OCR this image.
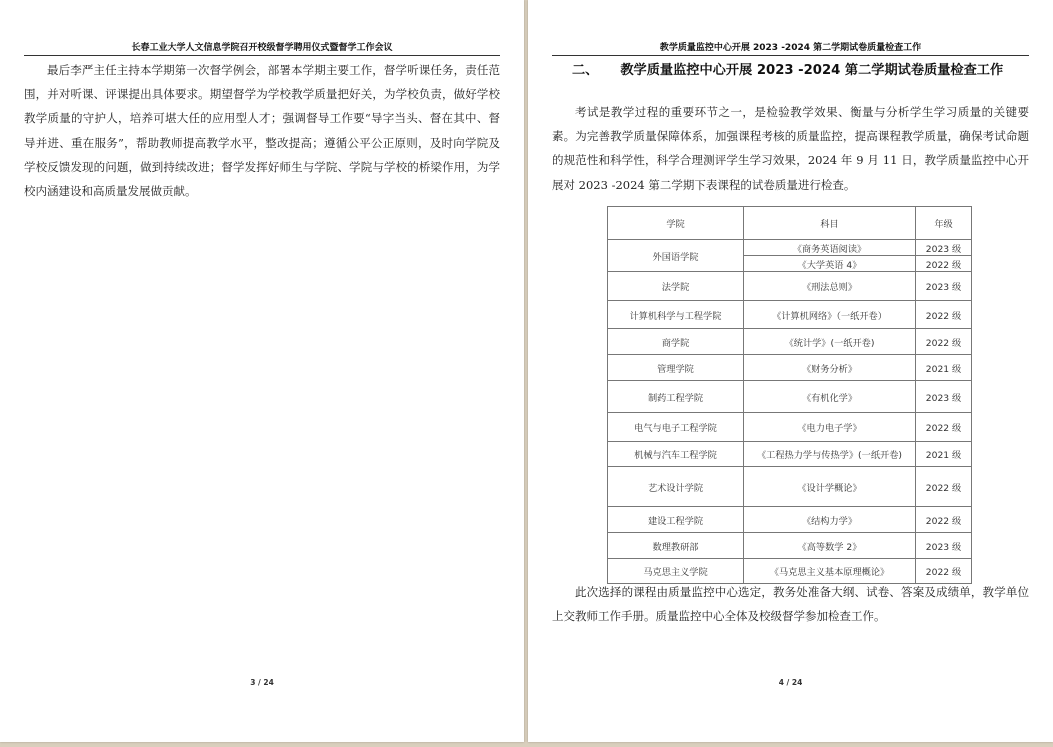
长春工业大学人文信息学院召开校级督学聘用仪式暨督学工作会议
最后李严主任主持本学期第一次督学例会，部署本学期主要工作，督学听课任务，责任范围，并对听课、评课提出具体要求。期望督学为学校教学质量把好关，为学校负责，做好学校教学质量的守护人，培养可堪大任的应用型人才；强调督导工作要“导字当头、督在其中、督导并进、重在服务”，帮助教师提高教学水平，整改提高；遵循公平公正原则，及时向学院及学校反馈发现的问题，做到持续改进；督学发挥好师生与学院、学院与学校的桥梁作用，为学校内涵建设和高质量发展做贡献。
3 / 24
教学质量监控中心开展 2023 -2024 第二学期试卷质量检查工作
二、 教学质量监控中心开展 2023 -2024 第二学期试卷质量检查工作
考试是教学过程的重要环节之一，是检验教学效果、衡量与分析学生学习质量的关键要素。为完善教学质量保障体系，加强课程考核的质量监控，提高课程教学质量，确保考试命题的规范性和科学性，科学合理测评学生学习效果，2024 年 9 月 11 日，教学质量监控中心开展对 2023 -2024 第二学期下表课程的试卷质量进行检查。
学院	科目	年级
外国语学院	《商务英语阅读》	2023 级
	《大学英语 4》	2022 级
法学院	《刑法总则》	2023 级
计算机科学与工程学院	《计算机网络》（一纸开卷）	2022 级
商学院	《统计学》(一纸开卷)	2022 级
管理学院	《财务分析》	2021 级
制药工程学院	《有机化学》	2023 级
电气与电子工程学院	《电力电子学》	2022 级
机械与汽车工程学院	《工程热力学与传热学》(一纸开卷)	2021 级
艺术设计学院	《设计学概论》	2022 级
建设工程学院	《结构力学》	2022 级
数理教研部	《高等数学 2》	2023 级
马克思主义学院	《马克思主义基本原理概论》	2022 级
此次选择的课程由质量监控中心选定，教务处准备大纲、试卷、答案及成绩单，教学单位上交教师工作手册。质量监控中心全体及校级督学参加检查工作。
4 / 24
